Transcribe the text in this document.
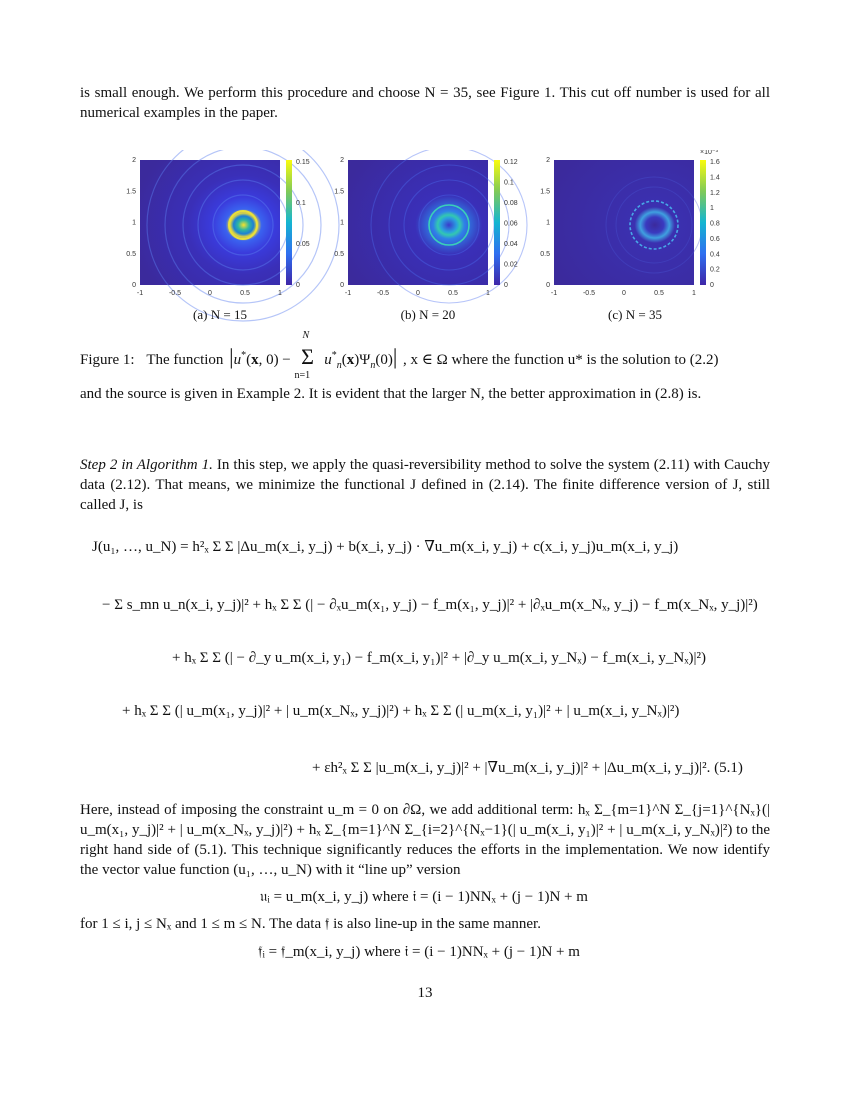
is small enough. We perform this procedure and choose N = 35, see Figure 1. This cut off number is used for all numerical examples in the paper.
2
1.5
1
0.5
0
-1	-0.5	0	0.5	1
0.15
0.1
0.05
0
2
1.5
1
0.5
0
-1	-0.5	0	0.5	1
0.12
0.1
0.08
0.06
0.04
0.02
0
2
1.5
1
0.5
0
-1	-0.5	0	0.5	1
1.6
1.4
1.2
1
0.8
0.6
0.4
0.2
0
×10⁻³
(a) N = 15	(b) N = 20	(c) N = 35
Figure 1: The function |u*(x, 0) −
N
Σ
n=1
$u^*_n(x)\Psi_n(0)|$ , x ∈ Ω where the function u* is the solution to (2.2)
and the source is given in Example 2. It is evident that the larger N, the better approximation in (2.8) is.
Step 2 in Algorithm 1. In this step, we apply the quasi-reversibility method to solve the system (2.11) with Cauchy data (2.12). That means, we minimize the functional J defined in (2.14). The finite difference version of J, still called J, is
J(u₁, …, u_N) = h²ₓ Σ Σ |Δu_m(x_i, y_j) + b(x_i, y_j) · ∇u_m(x_i, y_j) + c(x_i, y_j)u_m(x_i, y_j)
− Σ s_mn u_n(x_i, y_j)|² + hₓ Σ Σ (| − ∂ₓu_m(x₁, y_j) − f_m(x₁, y_j)|² + |∂ₓu_m(x_Nₓ, y_j) − f_m(x_Nₓ, y_j)|²)
+ hₓ Σ Σ (| − ∂_y u_m(x_i, y₁) − f_m(x_i, y₁)|² + |∂_y u_m(x_i, y_Nₓ) − f_m(x_i, y_Nₓ)|²)
+ hₓ Σ Σ (| u_m(x₁, y_j)|² + | u_m(x_Nₓ, y_j)|²) + hₓ Σ Σ (| u_m(x_i, y₁)|² + | u_m(x_i, y_Nₓ)|²)
+ εh²ₓ Σ Σ |u_m(x_i, y_j)|² + |∇u_m(x_i, y_j)|² + |Δu_m(x_i, y_j)|². (5.1)
Here, instead of imposing the constraint u_m = 0 on ∂Ω, we add additional term: hₓ Σ_{m=1}^N Σ_{j=1}^{Nₓ}(| u_m(x₁, y_j)|² + | u_m(x_Nₓ, y_j)|²) + hₓ Σ_{m=1}^N Σ_{i=2}^{Nₓ−1}(| u_m(x_i, y₁)|² + | u_m(x_i, y_Nₓ)|²) to the right hand side of (5.1). This technique significantly reduces the efforts in the implementation. We now identify the vector value function (u₁, …, u_N) with it “line up” version
𝔲ᵢ = u_m(x_i, y_j) where 𝔦 = (i − 1)NNₓ + (j − 1)N + m
for 1 ≤ i, j ≤ Nₓ and 1 ≤ m ≤ N. The data 𝔣 is also line-up in the same manner.
𝔣ᵢ = 𝔣_m(x_i, y_j) where 𝔦 = (i − 1)NNₓ + (j − 1)N + m
13
